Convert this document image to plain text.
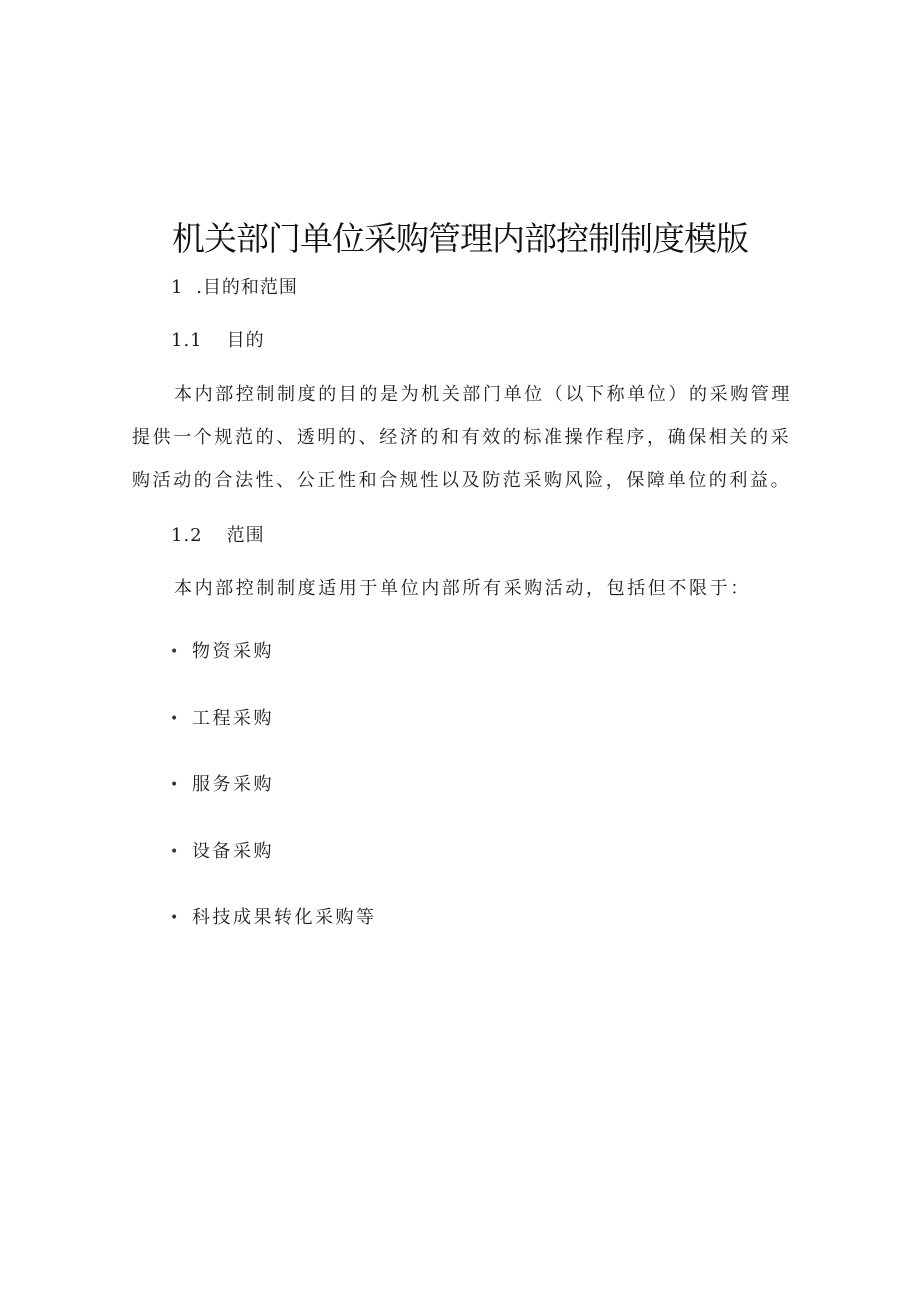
机关部门单位采购管理内部控制制度模版
1 .目的和范围
1.1 目的
本内部控制制度的目的是为机关部门单位（以下称单位）的采购管理提供一个规范的、透明的、经济的和有效的标准操作程序，确保相关的采购活动的合法性、公正性和合规性以及防范采购风险，保障单位的利益。
1.2 范围
本内部控制制度适用于单位内部所有采购活动，包括但不限于：
• 物资采购
• 工程采购
• 服务采购
• 设备采购
• 科技成果转化采购等
